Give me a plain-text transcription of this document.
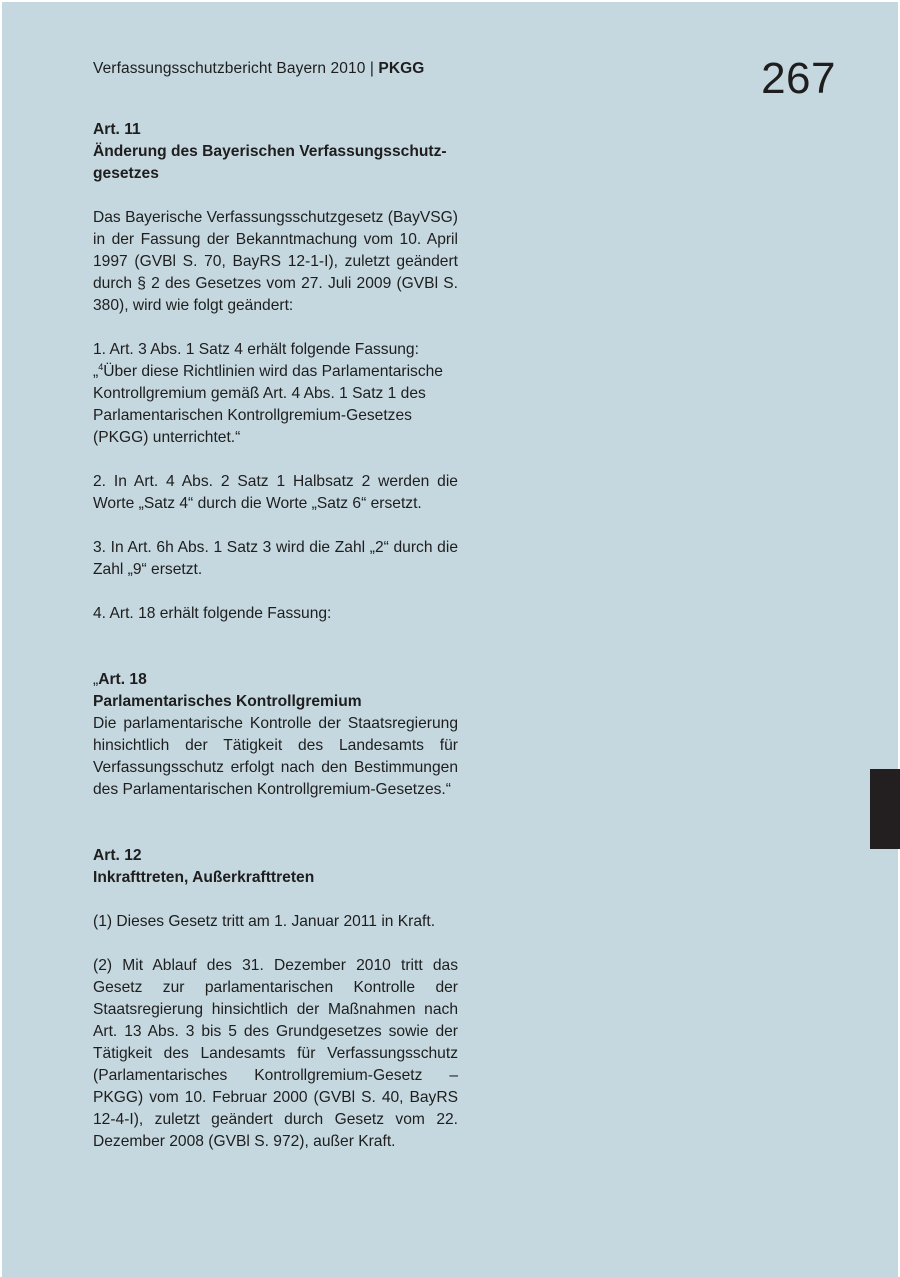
Verfassungsschutzbericht Bayern 2010 | PKGG	267

Art. 11

Änderung des Bayerischen Verfassungsschutz-
gesetzes

Das Bayerische Verfassungsschutzgesetz (BayVSG) in der Fassung der Bekanntmachung vom 10. April 1997 (GVBl S. 70, BayRS 12-1-I), zuletzt geändert durch § 2 des Gesetzes vom 27. Juli 2009 (GVBl S. 380), wird wie folgt geändert:

1. Art. 3 Abs. 1 Satz 4 erhält folgende Fassung:
„$^4$Über diese Richtlinien wird das Parlamentarische Kontrollgremium gemäß Art. 4 Abs. 1 Satz 1 des Parlamentarischen Kontrollgremium-Gesetzes (PKGG) unterrichtet.“

2. In Art. 4 Abs. 2 Satz 1 Halbsatz 2 werden die Worte „Satz 4“ durch die Worte „Satz 6“ ersetzt.

3. In Art. 6h Abs. 1 Satz 3 wird die Zahl „2“ durch die Zahl „9“ ersetzt.

4. Art. 18 erhält folgende Fassung:

„Art. 18

Parlamentarisches Kontrollgremium

Die parlamentarische Kontrolle der Staatsregierung hinsichtlich der Tätigkeit des Landesamts für Verfassungsschutz erfolgt nach den Bestimmungen des Parlamentarischen Kontrollgremium-Gesetzes.“

Art. 12

Inkrafttreten, Außerkrafttreten

(1) Dieses Gesetz tritt am 1. Januar 2011 in Kraft.

(2) Mit Ablauf des 31. Dezember 2010 tritt das Gesetz zur parlamentarischen Kontrolle der Staatsregierung hinsichtlich der Maßnahmen nach Art. 13 Abs. 3 bis 5 des Grundgesetzes sowie der Tätigkeit des Landesamts für Verfassungsschutz (Parlamentarisches Kontrollgremium-Gesetz – PKGG) vom 10. Februar 2000 (GVBl S. 40, BayRS 12-4-I), zuletzt geändert durch Gesetz vom 22. Dezember 2008 (GVBl S. 972), außer Kraft.
